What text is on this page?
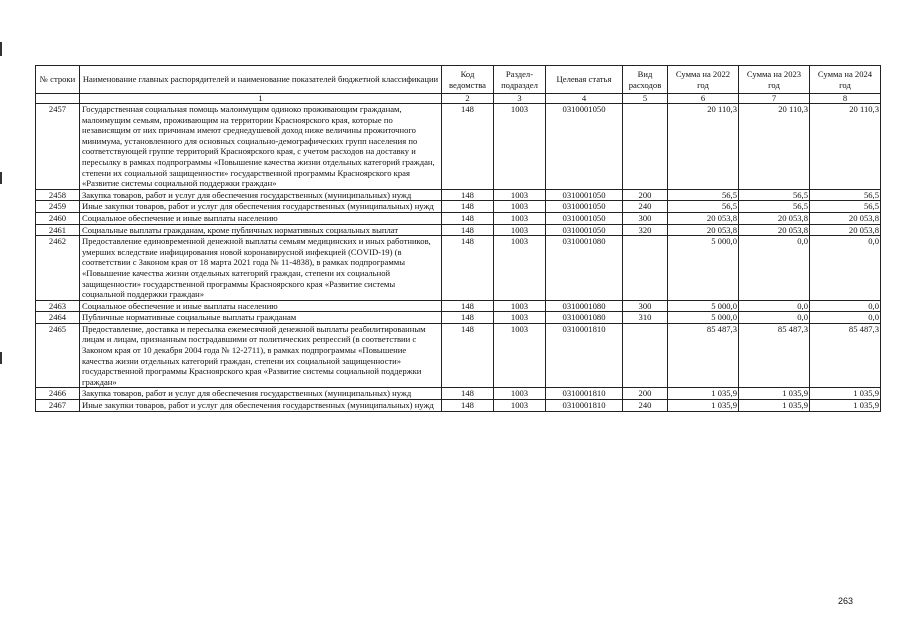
№ строки	Наименование главных распорядителей и наименование показателей бюджетной классификации	Код ведомства	Раздел-подраздел	Целевая статья	Вид расходов	Сумма на 2022 год	Сумма на 2023 год	Сумма на 2024 год
	1	2	3	4	5	6	7	8
2457	Государственная социальная помощь малоимущим одиноко проживающим гражданам, малоимущим семьям, проживающим на территории Красноярского края, которые по независящим от них причинам имеют среднедушевой доход ниже величины прожиточного минимума, установленного для основных социально-демографических групп населения по соответствующей группе территорий Красноярского края, с учетом расходов на доставку и пересылку в рамках подпрограммы «Повышение качества жизни отдельных категорий граждан, степени их социальной защищенности» государственной программы Красноярского края «Развитие системы социальной поддержки граждан»	148	1003	0310001050		20 110,3	20 110,3	20 110,3
2458	Закупка товаров, работ и услуг для обеспечения государственных (муниципальных) нужд	148	1003	0310001050	200	56,5	56,5	56,5
2459	Иные закупки товаров, работ и услуг для обеспечения государственных (муниципальных) нужд	148	1003	0310001050	240	56,5	56,5	56,5
2460	Социальное обеспечение и иные выплаты населению	148	1003	0310001050	300	20 053,8	20 053,8	20 053,8
2461	Социальные выплаты гражданам, кроме публичных нормативных социальных выплат	148	1003	0310001050	320	20 053,8	20 053,8	20 053,8
2462	Предоставление единовременной денежной выплаты семьям медицинских и иных работников, умерших вследствие инфицирования новой коронавирусной инфекцией (COVID-19) (в соответствии с Законом края от 18 марта 2021 года № 11-4838), в рамках подпрограммы «Повышение качества жизни отдельных категорий граждан, степени их социальной защищенности» государственной программы Красноярского края «Развитие системы социальной поддержки граждан»	148	1003	0310001080		5 000,0	0,0	0,0
2463	Социальное обеспечение и иные выплаты населению	148	1003	0310001080	300	5 000,0	0,0	0,0
2464	Публичные нормативные социальные выплаты гражданам	148	1003	0310001080	310	5 000,0	0,0	0,0
2465	Предоставление, доставка и пересылка ежемесячной денежной выплаты реабилитированным лицам и лицам, признанным пострадавшими от политических репрессий (в соответствии с Законом края от 10 декабря 2004 года № 12-2711), в рамках подпрограммы «Повышение качества жизни отдельных категорий граждан, степени их социальной защищенности» государственной программы Красноярского края «Развитие системы социальной поддержки граждан»	148	1003	0310001810		85 487,3	85 487,3	85 487,3
2466	Закупка товаров, работ и услуг для обеспечения государственных (муниципальных) нужд	148	1003	0310001810	200	1 035,9	1 035,9	1 035,9
2467	Иные закупки товаров, работ и услуг для обеспечения государственных (муниципальных) нужд	148	1003	0310001810	240	1 035,9	1 035,9	1 035,9
263
